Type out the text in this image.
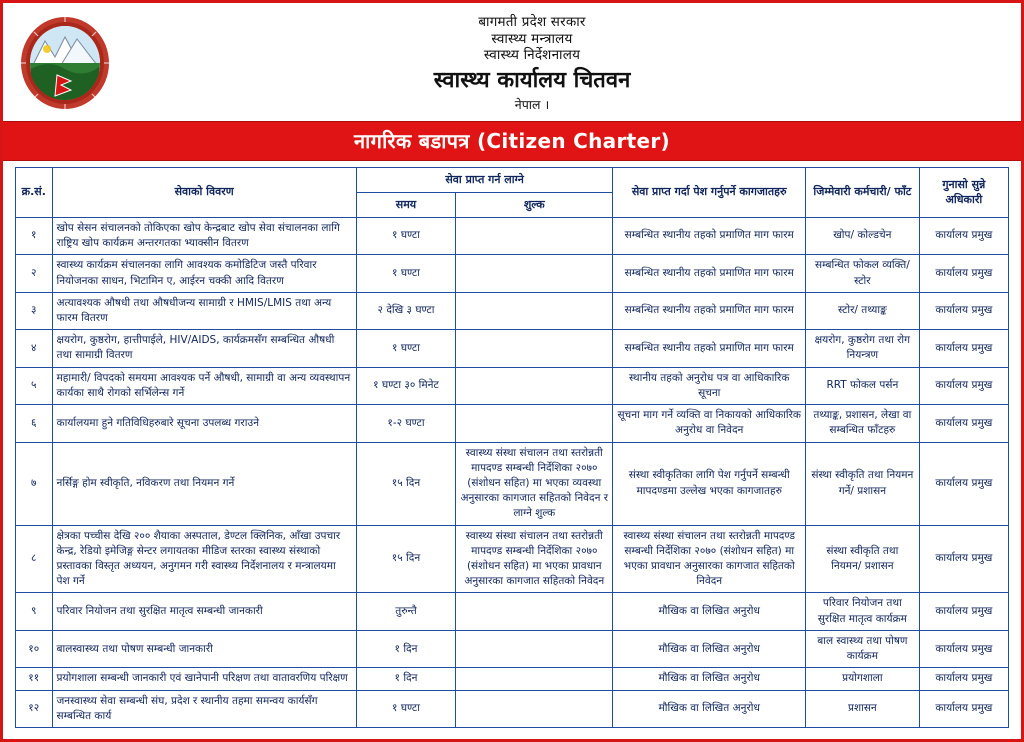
बागमती प्रदेश सरकार
स्वास्थ्य मन्त्रालय
स्वास्थ्य निर्देशनालय
स्वास्थ्य कार्यालय चितवन
नेपाल ।
नागरिक बडापत्र (Citizen Charter)
क्र.सं.	सेवाको विवरण	सेवा प्राप्त गर्न लाग्ने		सेवा प्राप्त गर्दा पेश गर्नुपर्ने कागजातहरु	जिम्मेवारी कर्मचारी/ फाँट	गुनासो सुन्ने अधिकारी
		समय	शुल्क			
१	खोप सेसन संचालनको तोकिएका खोप केन्द्रबाट खोप सेवा संचालनका लागि राष्ट्रिय खोप कार्यक्रम अन्तरगतका भ्याक्सीन वितरण	१ घण्टा		सम्बन्धित स्थानीय तहको प्रमाणित माग फारम	खोप/ कोल्डचेन	कार्यालय प्रमुख
२	स्वास्थ्य कार्यक्रम संचालनका लागि आवश्यक कमोडिटिज जस्तै परिवार नियोजनका साधन, भिटामिन ए, आईरन चक्की आदि वितरण	१ घण्टा		सम्बन्धित स्थानीय तहको प्रमाणित माग फारम	सम्बन्धित फोकल व्यक्ति/ स्टोर	कार्यालय प्रमुख
३	अत्यावश्यक औषधी तथा औषधीजन्य सामाग्री र HMIS/LMIS तथा अन्य फारम वितरण	२ देखि ३ घण्टा		सम्बन्धित स्थानीय तहको प्रमाणित माग फारम	स्टोर/ तथ्याङ्क	कार्यालय प्रमुख
४	क्षयरोग, कुष्ठरोग, हात्तीपाईले, HIV/AIDS, कार्यक्रमसँग सम्बन्धित औषधी तथा सामाग्री वितरण	१ घण्टा		सम्बन्धित स्थानीय तहको प्रमाणित माग फारम	क्षयरोग, कुष्ठरोग तथा रोग नियन्त्रण	कार्यालय प्रमुख
५	महामारी/ विपदको समयमा आवश्यक पर्ने औषधी, सामाग्री वा अन्य व्यवस्थापन कार्यका साथै रोगको सर्भिलेन्स गर्ने	१ घण्टा ३० मिनेट		स्थानीय तहको अनुरोध पत्र वा आधिकारिक सूचना	RRT फोकल पर्सन	कार्यालय प्रमुख
६	कार्यालयमा हुने गतिविधिहरुबारे सूचना उपलब्ध गराउने	१-२ घण्टा		सूचना माग गर्ने व्यक्ति वा निकायको आधिकारिक अनुरोध वा निवेदन	तथ्याङ्क, प्रशासन, लेखा वा सम्बन्धित फाँटहरु	कार्यालय प्रमुख
७	नर्सिङ्ग होम स्वीकृति, नविकरण तथा नियमन गर्ने	१५ दिन	स्वास्थ्य संस्था संचालन तथा स्तरोन्नती मापदण्ड सम्बन्धी निर्देशिका २०७० (संशोधन सहित) मा भएका व्यवस्था अनुसारका कागजात सहितको निवेदन र लाग्ने शुल्क	संस्था स्वीकृतिका लागि पेश गर्नुपर्ने सम्बन्धी मापदण्डमा उल्लेख भएका कागजातहरु	संस्था स्वीकृति तथा नियमन गर्ने/ प्रशासन	कार्यालय प्रमुख
८	क्षेत्रका पच्चीस देखि २०० शैयाका अस्पताल, डेण्टल क्लिनिक, आँखा उपचार केन्द्र, रेडियो इमेजिङ्ग सेन्टर लगायतका मीडिज स्तरका स्वास्थ्य संस्थाको प्रस्तावका विस्तृत अध्ययन, अनुगमन गरी स्वास्थ्य निर्देशनालय र मन्त्रालयमा पेश गर्ने	१५ दिन	स्वास्थ्य संस्था संचालन तथा स्तरोन्नती मापदण्ड सम्बन्धी निर्देशिका २०७० (संशोधन सहित) मा भएका प्रावधान अनुसारका कागजात सहितको निवेदन	स्वास्थ्य संस्था संचालन तथा स्तरोन्नती मापदण्ड सम्बन्धी निर्देशिका २०७० (संशोधन सहित) मा भएका प्रावधान अनुसारका कागजात सहितको निवेदन	संस्था स्वीकृति तथा नियमन/ प्रशासन	कार्यालय प्रमुख
९	परिवार नियोजन तथा सुरक्षित मातृत्व सम्बन्धी जानकारी	तुरुन्तै		मौखिक वा लिखित अनुरोध	परिवार नियोजन तथा सुरक्षित मातृत्व कार्यक्रम	कार्यालय प्रमुख
१०	बालस्वास्थ्य तथा पोषण सम्बन्धी जानकारी	१ दिन		मौखिक वा लिखित अनुरोध	बाल स्वास्थ्य तथा पोषण कार्यक्रम	कार्यालय प्रमुख
११	प्रयोगशाला सम्बन्धी जानकारी एवं खानेपानी परिक्षण तथा वातावरणिय परिक्षण	१ दिन		मौखिक वा लिखित अनुरोध	प्रयोगशाला	कार्यालय प्रमुख
१२	जनस्वास्थ्य सेवा सम्बन्धी संघ, प्रदेश र स्थानीय तहमा समन्वय कार्यसँग सम्बन्धित कार्य	१ घण्टा		मौखिक वा लिखित अनुरोध	प्रशासन	कार्यालय प्रमुख
